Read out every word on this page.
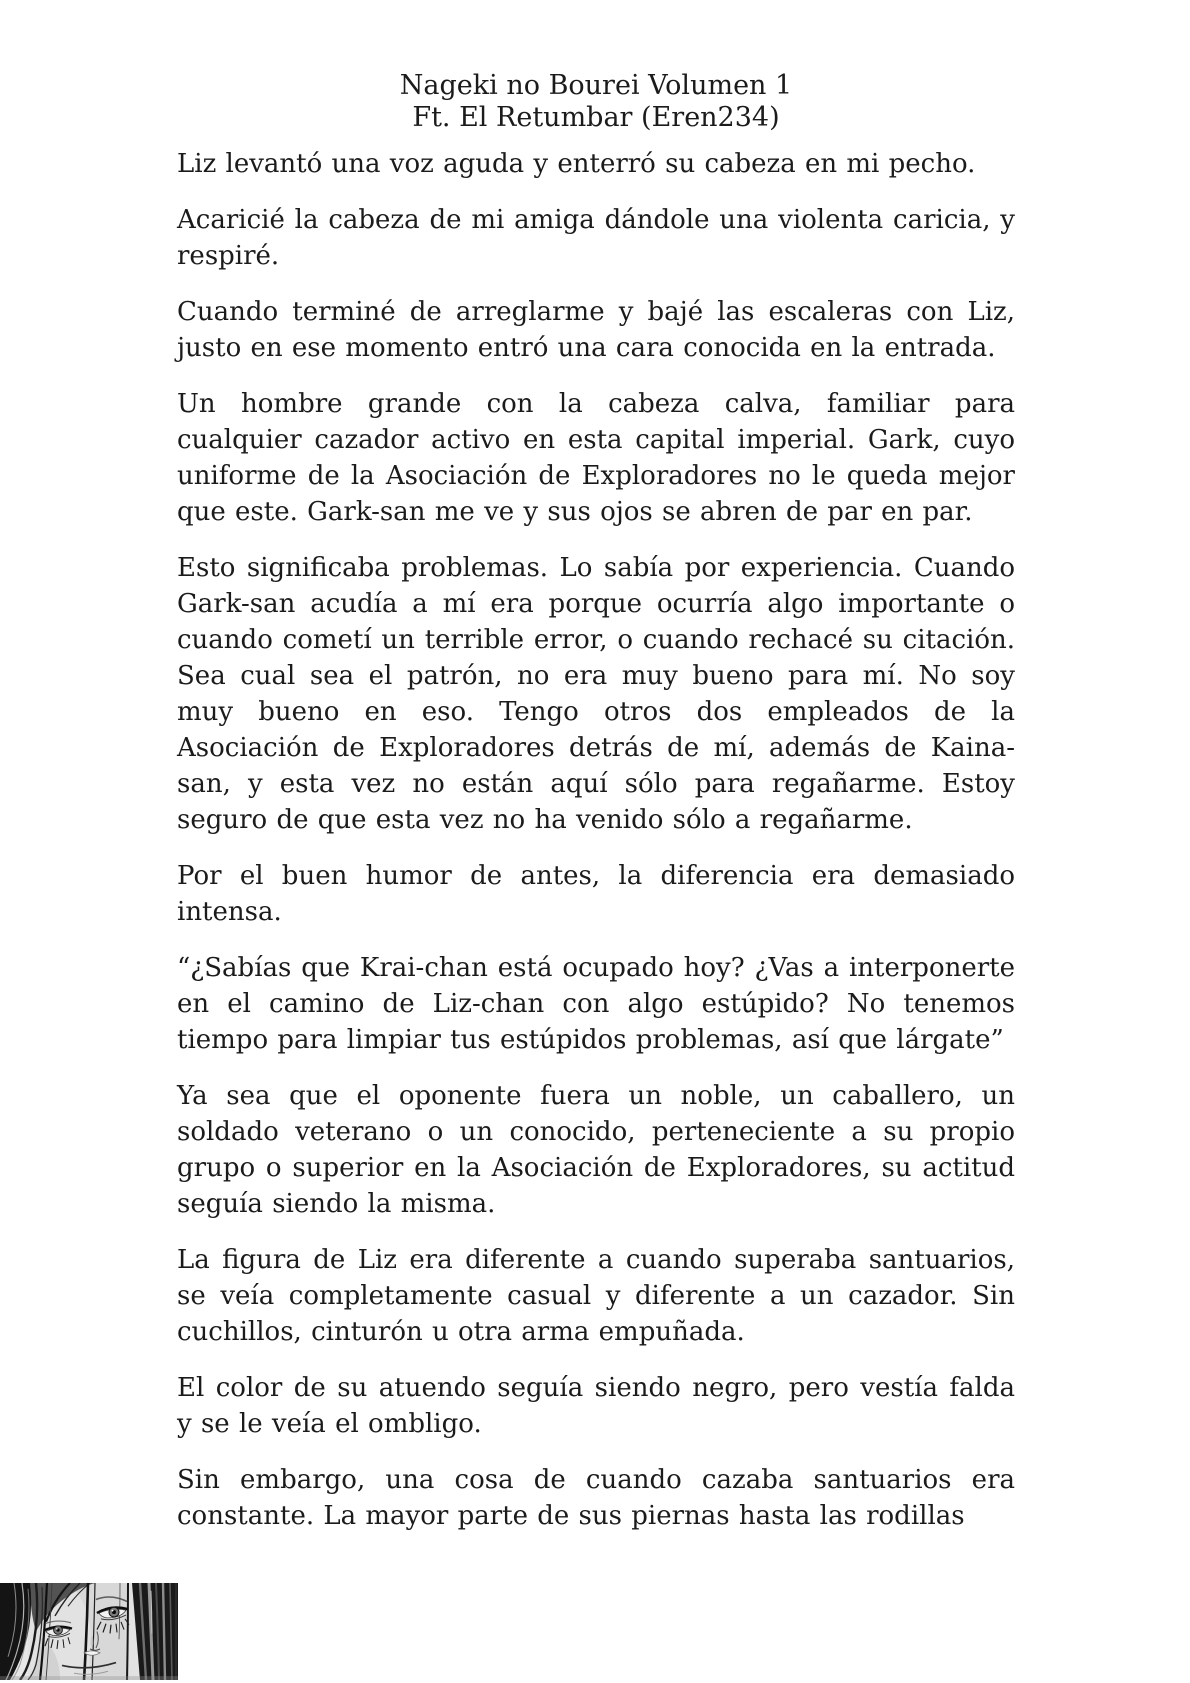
Nageki no Bourei Volumen 1
Ft. El Retumbar (Eren234)

Liz levantó una voz aguda y enterró su cabeza en mi pecho.

Acaricié la cabeza de mi amiga dándole una violenta caricia, y respiré.

Cuando terminé de arreglarme y bajé las escaleras con Liz, justo en ese momento entró una cara conocida en la entrada.

Un hombre grande con la cabeza calva, familiar para cualquier cazador activo en esta capital imperial. Gark, cuyo uniforme de la Asociación de Exploradores no le queda mejor que este. Gark-san me ve y sus ojos se abren de par en par.

Esto significaba problemas. Lo sabía por experiencia. Cuando Gark-san acudía a mí era porque ocurría algo importante o cuando cometí un terrible error, o cuando rechacé su citación. Sea cual sea el patrón, no era muy bueno para mí. No soy muy bueno en eso. Tengo otros dos empleados de la Asociación de Exploradores detrás de mí, además de Kaina-san, y esta vez no están aquí sólo para regañarme. Estoy seguro de que esta vez no ha venido sólo a regañarme.

Por el buen humor de antes, la diferencia era demasiado intensa.

“¿Sabías que Krai-chan está ocupado hoy? ¿Vas a interponerte en el camino de Liz-chan con algo estúpido? No tenemos tiempo para limpiar tus estúpidos problemas, así que lárgate”

Ya sea que el oponente fuera un noble, un caballero, un soldado veterano o un conocido, perteneciente a su propio grupo o superior en la Asociación de Exploradores, su actitud seguía siendo la misma.

La figura de Liz era diferente a cuando superaba santuarios, se veía completamente casual y diferente a un cazador. Sin cuchillos, cinturón u otra arma empuñada.

El color de su atuendo seguía siendo negro, pero vestía falda y se le veía el ombligo.

Sin embargo, una cosa de cuando cazaba santuarios era constante. La mayor parte de sus piernas hasta las rodillas
